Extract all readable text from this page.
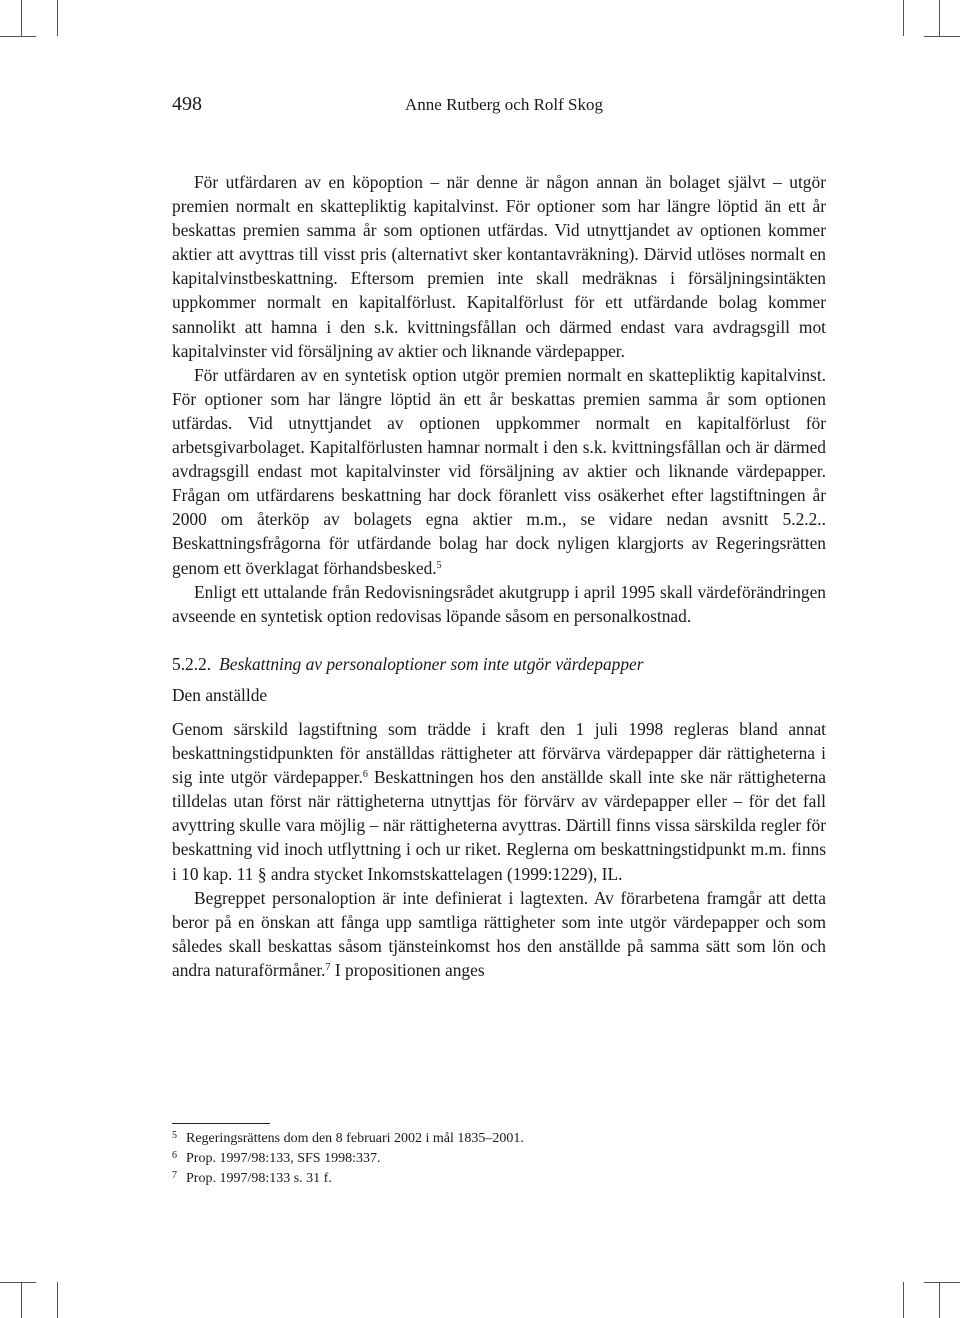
498	Anne Rutberg och Rolf Skog

För utfärdaren av en köpoption – när denne är någon annan än bolaget självt – utgör premien normalt en skattepliktig kapitalvinst. För optioner som har längre löptid än ett år beskattas premien samma år som optionen utfärdas. Vid utnyttjandet av optionen kommer aktier att avyttras till visst pris (alternativt sker kontantavräkning). Därvid utlöses normalt en kapitalvinstbeskattning. Eftersom premien inte skall medräknas i försäljningsintäkten uppkommer normalt en kapitalförlust. Kapitalförlust för ett utfärdande bolag kommer sannolikt att hamna i den s.k. kvittningsfållan och därmed endast vara avdragsgill mot kapitalvinster vid försäljning av aktier och liknande värdepapper.

För utfärdaren av en syntetisk option utgör premien normalt en skattepliktig kapitalvinst. För optioner som har längre löptid än ett år beskattas premien samma år som optionen utfärdas. Vid utnyttjandet av optionen uppkommer normalt en kapitalförlust för arbetsgivarbolaget. Kapitalförlusten hamnar normalt i den s.k. kvittningsfållan och är därmed avdragsgill endast mot kapitalvinster vid försäljning av aktier och liknande värdepapper. Frågan om utfärdarens beskattning har dock föranlett viss osäkerhet efter lagstiftningen år 2000 om återköp av bolagets egna aktier m.m., se vidare nedan avsnitt 5.2.2.. Beskattningsfrågorna för utfärdande bolag har dock nyligen klargjorts av Regeringsrätten genom ett överklagat förhandsbesked.$^5$

Enligt ett uttalande från Redovisningsrådet akutgrupp i april 1995 skall värdeförändringen avseende en syntetisk option redovisas löpande såsom en personalkostnad.

5.2.2. Beskattning av personaloptioner som inte utgör värdepapper
Den anställde

Genom särskild lagstiftning som trädde i kraft den 1 juli 1998 regleras bland annat beskattningstidpunkten för anställdas rättigheter att förvärva värdepapper där rättigheterna i sig inte utgör värdepapper.$^6$ Beskattningen hos den anställde skall inte ske när rättigheterna tilldelas utan först när rättigheterna utnyttjas för förvärv av värdepapper eller – för det fall avyttring skulle vara möjlig – när rättigheterna avyttras. Därtill finns vissa särskilda regler för beskattning vid inoch utflyttning i och ur riket. Reglerna om beskattningstidpunkt m.m. finns i 10 kap. 11 § andra stycket Inkomstskattelagen (1999:1229), IL.

Begreppet personaloption är inte definierat i lagtexten. Av förarbetena framgår att detta beror på en önskan att fånga upp samtliga rättigheter som inte utgör värdepapper och som således skall beskattas såsom tjänsteinkomst hos den anställde på samma sätt som lön och andra naturaförmåner.$^7$ I propositionen anges

5 Regeringsrättens dom den 8 februari 2002 i mål 1835–2001.
6 Prop. 1997/98:133, SFS 1998:337.
7 Prop. 1997/98:133 s. 31 f.
